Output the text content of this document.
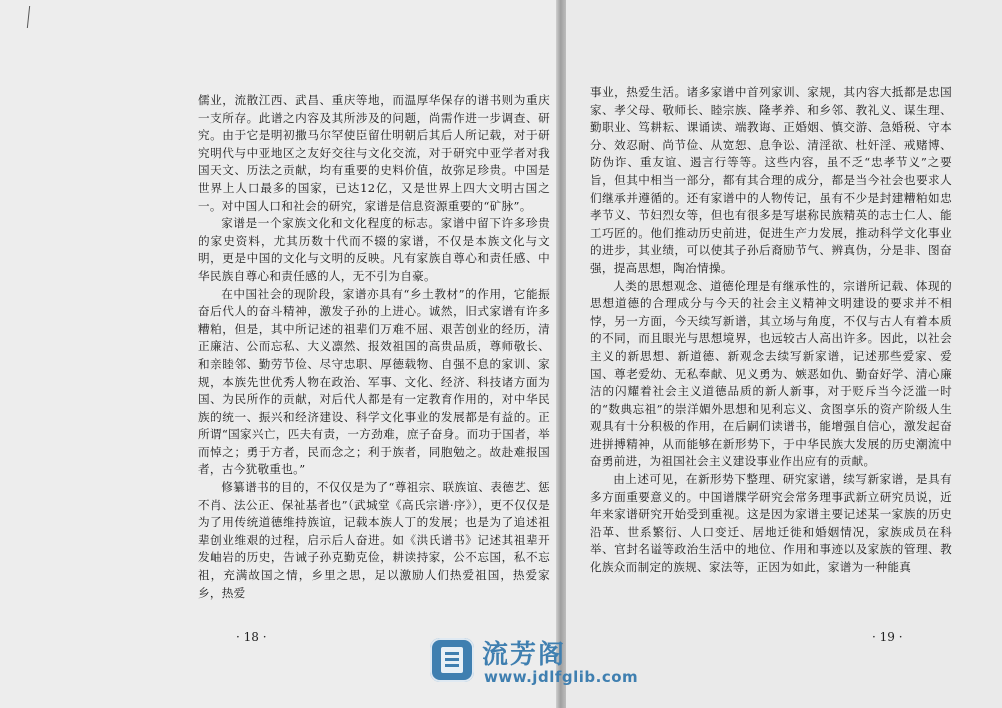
儒业，流散江西、武昌、重庆等地，而温厚华保存的谱书则为重庆一支所存。此谱之内容及其所涉及的问题，尚需作进一步调查、研究。由于它是明初撒马尔罕使臣留仕明朝后其后人所记载，对于研究明代与中亚地区之友好交往与文化交流，对于研究中亚学者对我国天文、历法之贡献，均有重要的史料价值，故弥足珍贵。中国是世界上人口最多的国家，已达12亿，又是世界上四大文明古国之一。对中国人口和社会的研究，家谱是信息资源重要的“矿脉”。

家谱是一个家族文化和文化程度的标志。家谱中留下许多珍贵的家史资料，尤其历数十代而不辍的家谱，不仅是本族文化与文明，更是中国的文化与文明的反映。凡有家族自尊心和责任感、中华民族自尊心和责任感的人，无不引为自豪。

在中国社会的现阶段，家谱亦具有“乡土教材”的作用，它能振奋后代人的奋斗精神，激发子孙的上进心。诚然，旧式家谱有许多糟粕，但是，其中所记述的祖辈们万难不屈、艰苦创业的经历，清正廉洁、公而忘私、大义凛然、报效祖国的高贵品质，尊师敬长、和亲睦邻、勤劳节俭、尽守忠职、厚德载物、自强不息的家训、家规，本族先世优秀人物在政治、军事、文化、经济、科技诸方面为国、为民所作的贡献，对后代人都是有一定教育作用的，对中华民族的统一、振兴和经济建设、科学文化事业的发展都是有益的。正所谓“国家兴亡，匹夫有责，一方劲难，庶子奋身。而功于国者，举而悼之；勇于方者，民而念之；利于族者，同胞勉之。故赴难报国者，古今犹敬重也。”

修纂谱书的目的，不仅仅是为了“尊祖宗、联族谊、表德艺、惩不肖、法公正、保祉基者也”（武城堂《高氏宗谱·序》），更不仅仅是为了用传统道德维持族谊，记载本族人丁的发展；也是为了追述祖辈创业维艰的过程，启示后人奋进。如《洪氏谱书》记述其祖辈开发岫岩的历史，告诫子孙克勤克俭，耕读持家，公不忘国，私不忘祖，充满故国之情，乡里之思，足以激励人们热爱祖国，热爱家乡，热爱

· 18 ·

事业，热爱生活。诸多家谱中首列家训、家规，其内容大抵都是忠国家、孝父母、敬师长、睦宗族、隆孝养、和乡邻、教礼义、谋生理、勤职业、笃耕耘、课诵读、端教诲、正婚姻、慎交游、急婚税、守本分、效忍耐、尚节俭、从宽恕、息争讼、清淫欲、杜奸淫、戒赌博、防伪诈、重友谊、遏言行等等。这些内容，虽不乏“忠孝节义”之要旨，但其中相当一部分，都有其合理的成分，都是当今社会也要求人们继承并遵循的。还有家谱中的人物传记，虽有不少是封建糟粕如忠孝节义、节妇烈女等，但也有很多是写堪称民族精英的志士仁人、能工巧匠的。他们推动历史前进，促进生产力发展，推动科学文化事业的进步，其业绩，可以使其子孙后裔励节气、辨真伪，分是非、图奋强，提高思想，陶冶情操。

人类的思想观念、道德伦理是有继承性的，宗谱所记载、体现的思想道德的合理成分与今天的社会主义精神文明建设的要求并不相悖，另一方面，今天续写新谱，其立场与角度，不仅与古人有着本质的不同，而且眼光与思想境界，也远较古人高出许多。因此，以社会主义的新思想、新道德、新观念去续写新家谱，记述那些爱家、爱国、尊老爱幼、无私奉献、见义勇为、嫉恶如仇、勤奋好学、清心廉洁的闪耀着社会主义道德品质的新人新事，对于贬斥当今泛滥一时的“数典忘祖”的崇洋媚外思想和见利忘义、贪图享乐的资产阶级人生观具有十分积极的作用，在后嗣们读谱书，能增强自信心，激发起奋进拼搏精神，从而能够在新形势下，于中华民族大发展的历史潮流中奋勇前进，为祖国社会主义建设事业作出应有的贡献。

由上述可见，在新形势下整理、研究家谱，续写新家谱，是具有多方面重要意义的。中国谱牒学研究会常务理事武新立研究员说，近年来家谱研究开始受到重视。这是因为家谱主要记述某一家族的历史沿革、世系繁衍、人口变迁、居地迁徙和婚姻情况，家族成员在科举、官封名谥等政治生活中的地位、作用和事迹以及家族的管理、教化族众而制定的族规、家法等，正因为如此，家谱为一种能真

· 19 ·
流芳阁
www.jdlfglib.com
